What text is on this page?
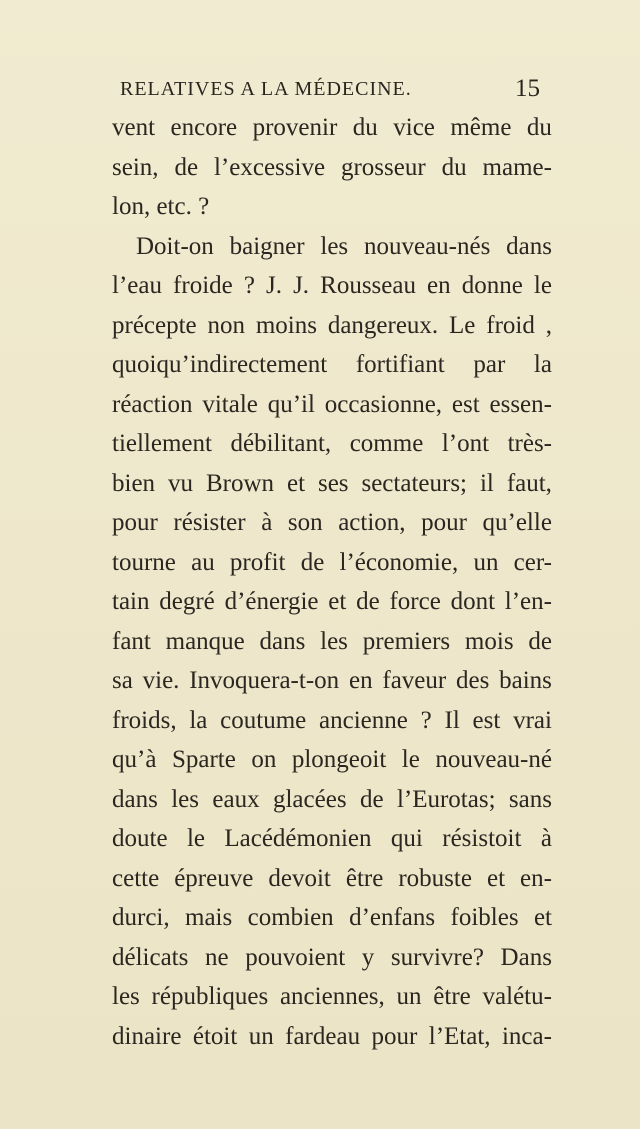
RELATIVES A LA MÉDECINE.	15
vent encore provenir du vice même du
sein, de l’excessive grosseur du mame-
lon, etc. ?
Doit-on baigner les nouveau-nés dans
l’eau froide ? J. J. Rousseau en donne le
précepte non moins dangereux. Le froid ,
quoiqu’indirectement fortifiant par la
réaction vitale qu’il occasionne, est essen-
tiellement débilitant, comme l’ont très-
bien vu Brown et ses sectateurs; il faut,
pour résister à son action, pour qu’elle
tourne au profit de l’économie, un cer-
tain degré d’énergie et de force dont l’en-
fant manque dans les premiers mois de
sa vie. Invoquera-t-on en faveur des bains
froids, la coutume ancienne ? Il est vrai
qu’à Sparte on plongeoit le nouveau-né
dans les eaux glacées de l’Eurotas; sans
doute le Lacédémonien qui résistoit à
cette épreuve devoit être robuste et en-
durci, mais combien d’enfans foibles et
délicats ne pouvoient y survivre? Dans
les républiques anciennes, un être valétu-
dinaire étoit un fardeau pour l’Etat, inca-
